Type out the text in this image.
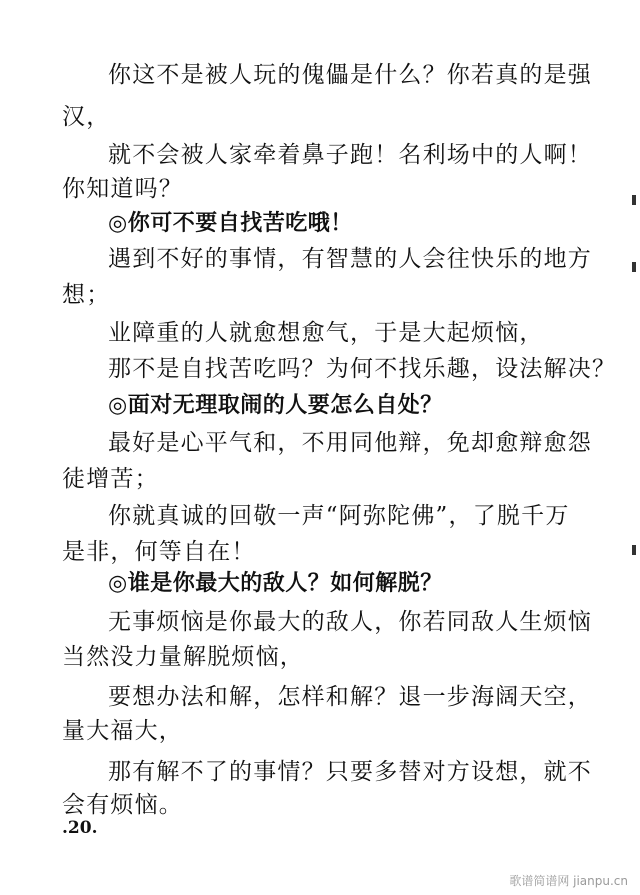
你这不是被人玩的傀儡是什么？你若真的是强
汉，
就不会被人家牵着鼻子跑！名利场中的人啊！
你知道吗？
◎你可不要自找苦吃哦！
遇到不好的事情，有智慧的人会往快乐的地方
想；
业障重的人就愈想愈气，于是大起烦恼，
那不是自找苦吃吗？为何不找乐趣，设法解决？
◎面对无理取闹的人要怎么自处？
最好是心平气和，不用同他辩，免却愈辩愈怨
徒增苦；
你就真诚的回敬一声“阿弥陀佛”，了脱千万
是非，何等自在！
◎谁是你最大的敌人？如何解脱？
无事烦恼是你最大的敌人，你若同敌人生烦恼
当然没力量解脱烦恼，
要想办法和解，怎样和解？退一步海阔天空，
量大福大，
那有解不了的事情？只要多替对方设想，就不
会有烦恼。
.20.
歌谱简谱网 jianpu.cn
